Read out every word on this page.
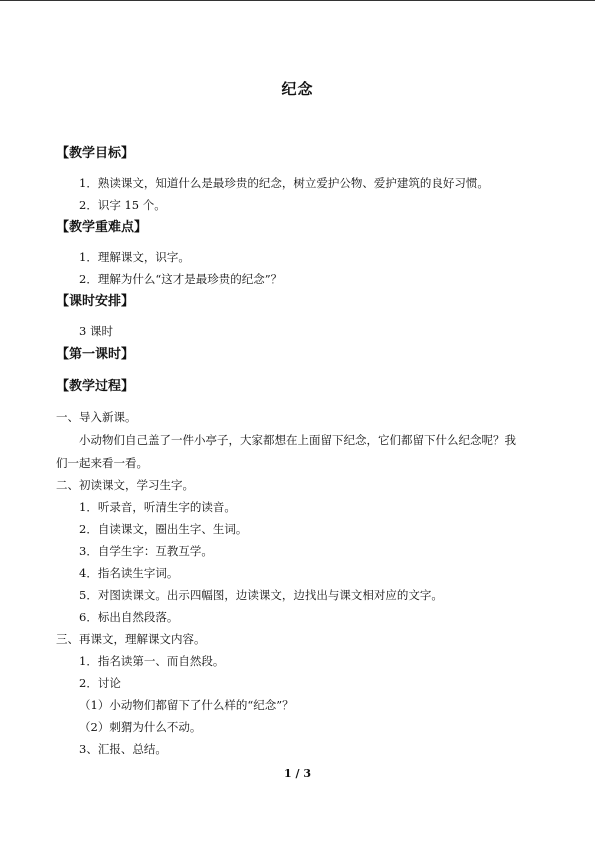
纪念
【教学目标】
1．熟读课文，知道什么是最珍贵的纪念，树立爱护公物、爱护建筑的良好习惯。
2．识字 15 个。
【教学重难点】
1．理解课文，识字。
2．理解为什么“这才是最珍贵的纪念”？
【课时安排】
3 课时
【第一课时】
【教学过程】
一、导入新课。
小动物们自己盖了一件小亭子，大家都想在上面留下纪念，它们都留下什么纪念呢？我
们一起来看一看。
二、初读课文，学习生字。
1．听录音，听清生字的读音。
2．自读课文，圈出生字、生词。
3．自学生字：互教互学。
4．指名读生字词。
5．对图读课文。出示四幅图，边读课文，边找出与课文相对应的文字。
6．标出自然段落。
三、再课文，理解课文内容。
1．指名读第一、而自然段。
2．讨论
（1）小动物们都留下了什么样的“纪念”？
（2）刺猬为什么不动。
3、汇报、总结。
1 / 3
